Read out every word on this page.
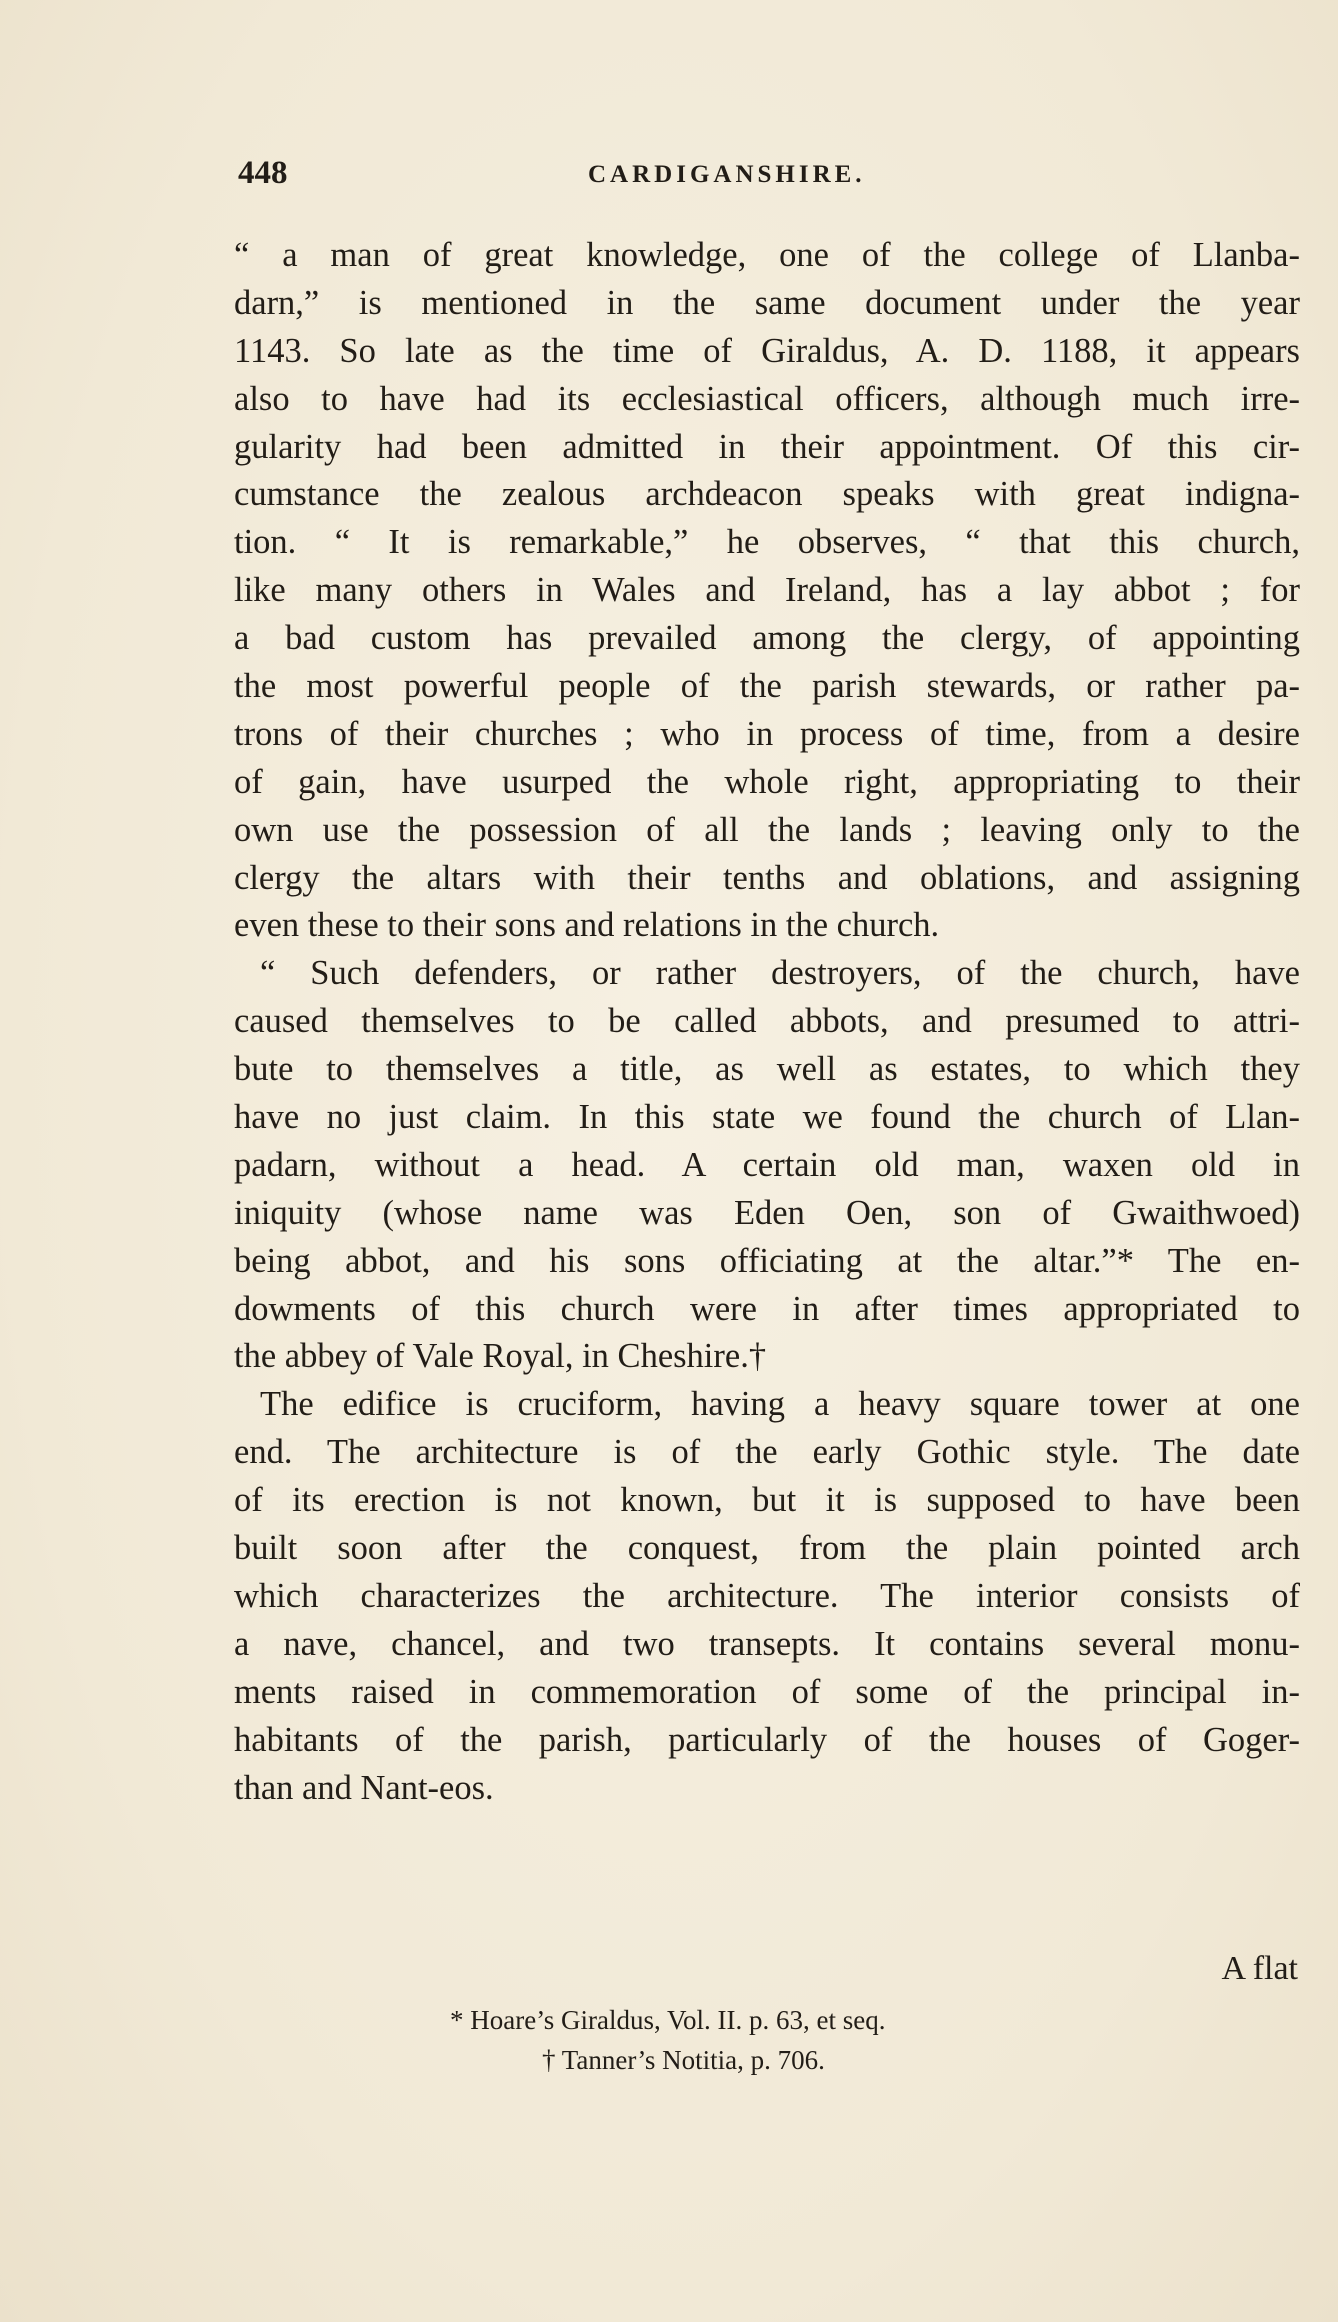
448	CARDIGANSHIRE.
“ a man of great knowledge, one of the college of Llanba-
darn,” is mentioned in the same document under the year
1143. So late as the time of Giraldus, A. D. 1188, it appears
also to have had its ecclesiastical officers, although much irre-
gularity had been admitted in their appointment. Of this cir-
cumstance the zealous archdeacon speaks with great indigna-
tion. “ It is remarkable,” he observes, “ that this church,
like many others in Wales and Ireland, has a lay abbot ; for
a bad custom has prevailed among the clergy, of appointing
the most powerful people of the parish stewards, or rather pa-
trons of their churches ; who in process of time, from a desire
of gain, have usurped the whole right, appropriating to their
own use the possession of all the lands ; leaving only to the
clergy the altars with their tenths and oblations, and assigning
even these to their sons and relations in the church.
“ Such defenders, or rather destroyers, of the church, have
caused themselves to be called abbots, and presumed to attri-
bute to themselves a title, as well as estates, to which they
have no just claim. In this state we found the church of Llan-
padarn, without a head. A certain old man, waxen old in
iniquity (whose name was Eden Oen, son of Gwaithwoed)
being abbot, and his sons officiating at the altar.”* The en-
dowments of this church were in after times appropriated to
the abbey of Vale Royal, in Cheshire.†
The edifice is cruciform, having a heavy square tower at one
end. The architecture is of the early Gothic style. The date
of its erection is not known, but it is supposed to have been
built soon after the conquest, from the plain pointed arch
which characterizes the architecture. The interior consists of
a nave, chancel, and two transepts. It contains several monu-
ments raised in commemoration of some of the principal in-
habitants of the parish, particularly of the houses of Goger-
than and Nant-eos.
A flat
* Hoare’s Giraldus, Vol. II. p. 63, et seq.
† Tanner’s Notitia, p. 706.
